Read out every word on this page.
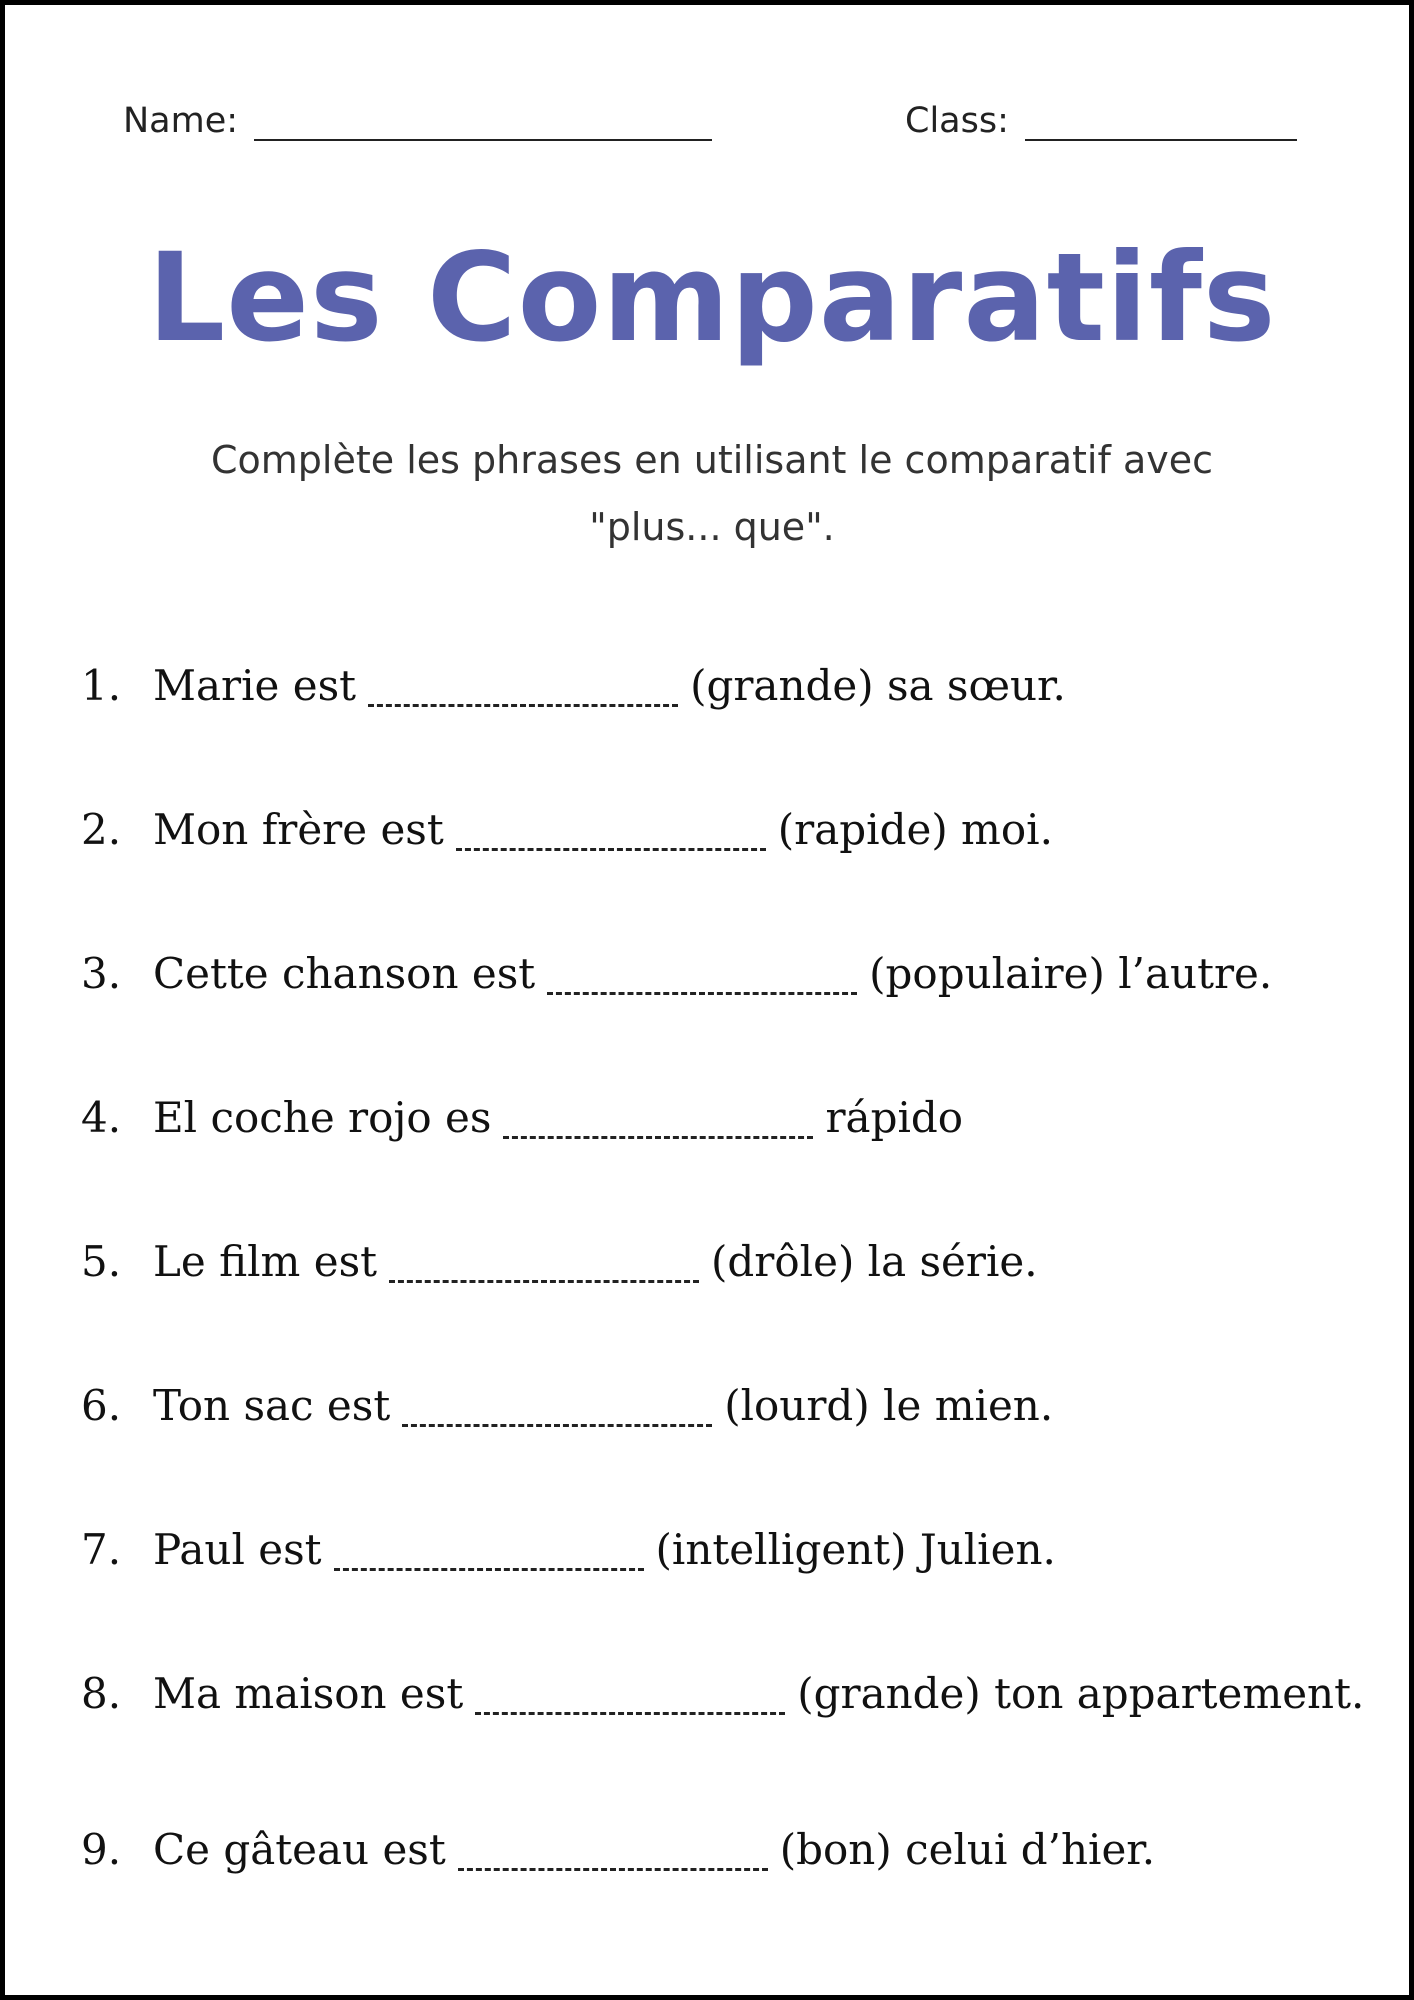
Name:	Class:
Les Comparatifs
Complète les phrases en utilisant le comparatif avec "plus... que".
1. Marie est	(grande) sa sœur.
2. Mon frère est	(rapide) moi.
3. Cette chanson est	(populaire) l’autre.
4. El coche rojo es	rápido
5. Le film est	(drôle) la série.
6. Ton sac est	(lourd) le mien.
7. Paul est	(intelligent) Julien.
8. Ma maison est	(grande) ton appartement.
9. Ce gâteau est	(bon) celui d’hier.
